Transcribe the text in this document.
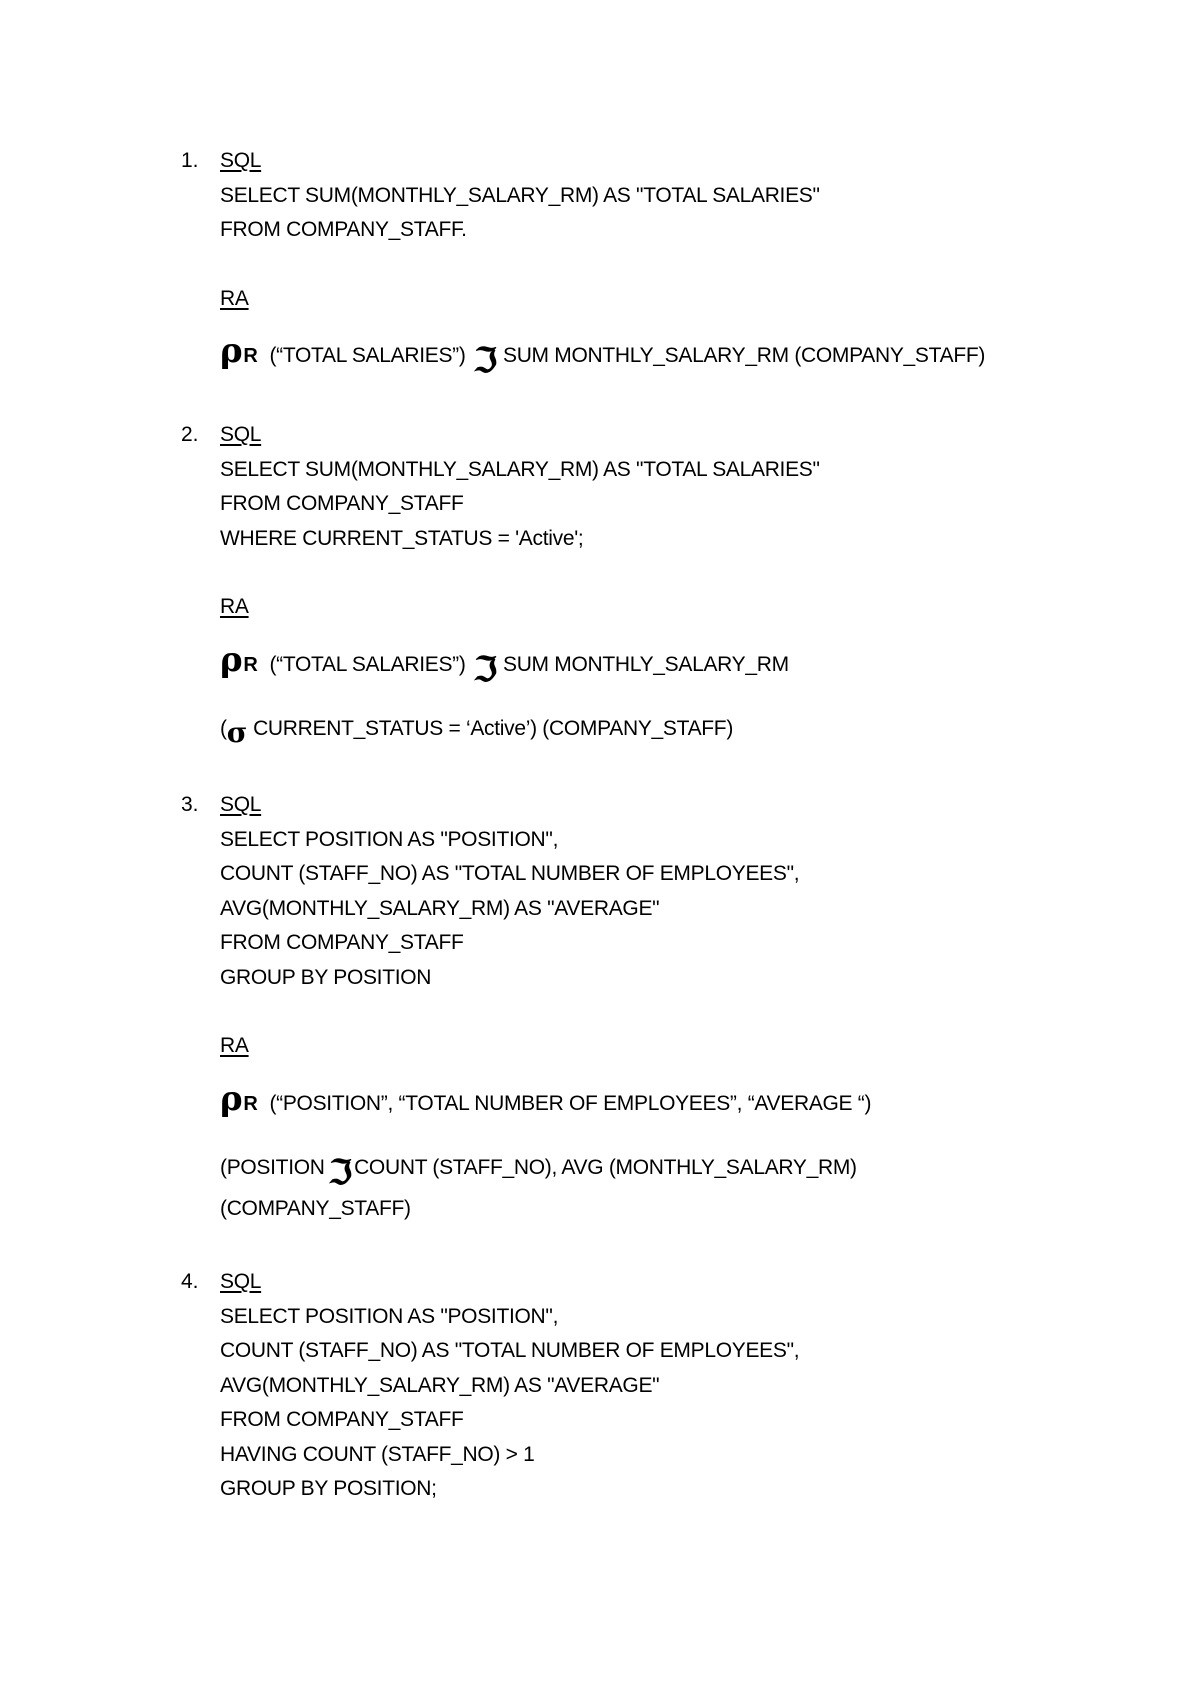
1. SQL
SELECT SUM(MONTHLY_SALARY_RM) AS "TOTAL SALARIES"
FROM COMPANY_STAFF.
RA
ρ R (“TOTAL SALARIES”) ℑ SUM MONTHLY_SALARY_RM (COMPANY_STAFF)
2. SQL
SELECT SUM(MONTHLY_SALARY_RM) AS "TOTAL SALARIES"
FROM COMPANY_STAFF
WHERE CURRENT_STATUS = 'Active';
RA
ρ R (“TOTAL SALARIES”) ℑ SUM MONTHLY_SALARY_RM
( σ CURRENT_STATUS = ‘Active’) (COMPANY_STAFF)
3. SQL
SELECT POSITION AS "POSITION",
COUNT (STAFF_NO) AS "TOTAL NUMBER OF EMPLOYEES",
AVG(MONTHLY_SALARY_RM) AS "AVERAGE"
FROM COMPANY_STAFF
GROUP BY POSITION
RA
ρ R (“POSITION”, “TOTAL NUMBER OF EMPLOYEES”, “AVERAGE “)
(POSITION ℑ COUNT (STAFF_NO), AVG (MONTHLY_SALARY_RM)
(COMPANY_STAFF)
4. SQL
SELECT POSITION AS "POSITION",
COUNT (STAFF_NO) AS "TOTAL NUMBER OF EMPLOYEES",
AVG(MONTHLY_SALARY_RM) AS "AVERAGE"
FROM COMPANY_STAFF
HAVING COUNT (STAFF_NO) > 1
GROUP BY POSITION;
